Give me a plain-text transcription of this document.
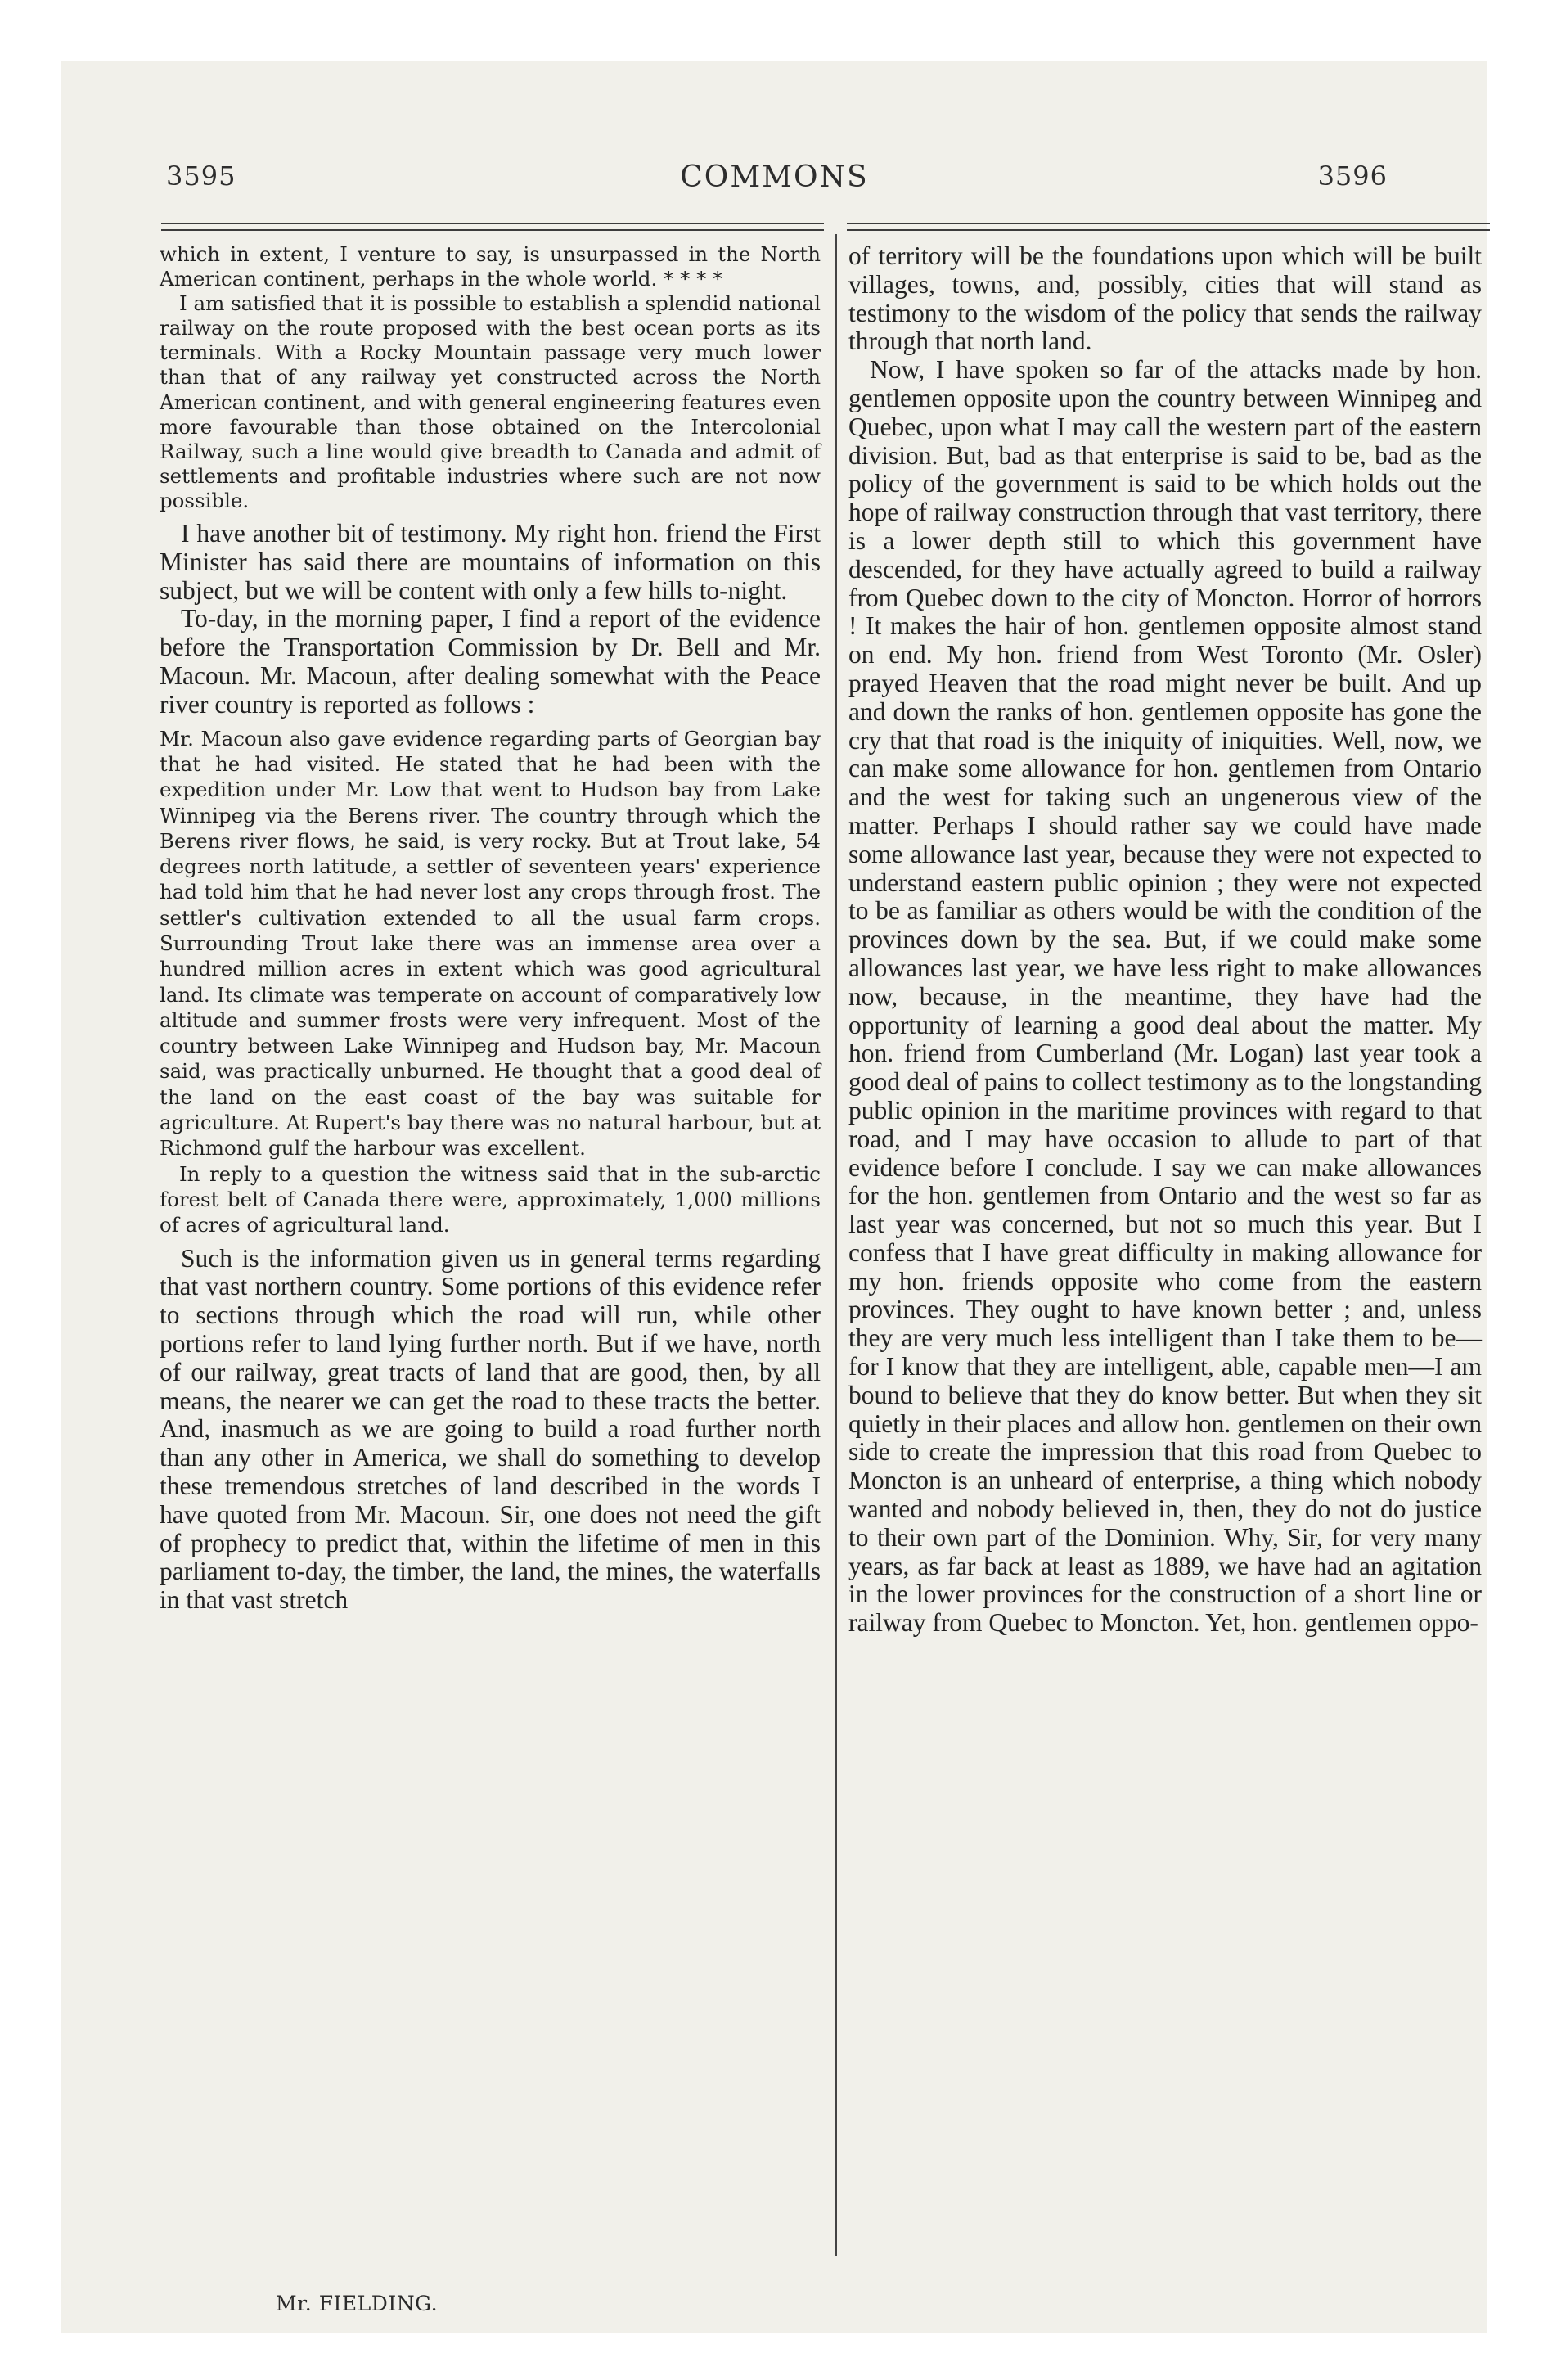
3595	COMMONS	3596

which in extent, I venture to say, is unsurpassed in the North American continent, perhaps in the whole world. * * * *

I am satisfied that it is possible to establish a splendid national railway on the route proposed with the best ocean ports as its terminals. With a Rocky Mountain passage very much lower than that of any railway yet constructed across the North American continent, and with general engineering features even more favourable than those obtained on the Intercolonial Railway, such a line would give breadth to Canada and admit of settlements and profitable industries where such are not now possible.

I have another bit of testimony. My right hon. friend the First Minister has said there are mountains of information on this subject, but we will be content with only a few hills to-night.

To-day, in the morning paper, I find a report of the evidence before the Transportation Commission by Dr. Bell and Mr. Macoun. Mr. Macoun, after dealing somewhat with the Peace river country is reported as follows :

Mr. Macoun also gave evidence regarding parts of Georgian bay that he had visited. He stated that he had been with the expedition under Mr. Low that went to Hudson bay from Lake Winnipeg via the Berens river. The country through which the Berens river flows, he said, is very rocky. But at Trout lake, 54 degrees north latitude, a settler of seventeen years' experience had told him that he had never lost any crops through frost. The settler's cultivation extended to all the usual farm crops. Surrounding Trout lake there was an immense area over a hundred million acres in extent which was good agricultural land. Its climate was temperate on account of comparatively low altitude and summer frosts were very infrequent. Most of the country between Lake Winnipeg and Hudson bay, Mr. Macoun said, was practically unburned. He thought that a good deal of the land on the east coast of the bay was suitable for agriculture. At Rupert's bay there was no natural harbour, but at Richmond gulf the harbour was excellent.

In reply to a question the witness said that in the sub-arctic forest belt of Canada there were, approximately, 1,000 millions of acres of agricultural land.

Such is the information given us in general terms regarding that vast northern country. Some portions of this evidence refer to sections through which the road will run, while other portions refer to land lying further north. But if we have, north of our railway, great tracts of land that are good, then, by all means, the nearer we can get the road to these tracts the better. And, inasmuch as we are going to build a road further north than any other in America, we shall do something to develop these tremendous stretches of land described in the words I have quoted from Mr. Macoun. Sir, one does not need the gift of prophecy to predict that, within the lifetime of men in this parliament to-day, the timber, the land, the mines, the waterfalls in that vast stretch

of territory will be the foundations upon which will be built villages, towns, and, possibly, cities that will stand as testimony to the wisdom of the policy that sends the railway through that north land.

Now, I have spoken so far of the attacks made by hon. gentlemen opposite upon the country between Winnipeg and Quebec, upon what I may call the western part of the eastern division. But, bad as that enterprise is said to be, bad as the policy of the government is said to be which holds out the hope of railway construction through that vast territory, there is a lower depth still to which this government have descended, for they have actually agreed to build a railway from Quebec down to the city of Moncton. Horror of horrors ! It makes the hair of hon. gentlemen opposite almost stand on end. My hon. friend from West Toronto (Mr. Osler) prayed Heaven that the road might never be built. And up and down the ranks of hon. gentlemen opposite has gone the cry that that road is the iniquity of iniquities. Well, now, we can make some allowance for hon. gentlemen from Ontario and the west for taking such an ungenerous view of the matter. Perhaps I should rather say we could have made some allowance last year, because they were not expected to understand eastern public opinion ; they were not expected to be as familiar as others would be with the condition of the provinces down by the sea. But, if we could make some allowances last year, we have less right to make allowances now, because, in the meantime, they have had the opportunity of learning a good deal about the matter. My hon. friend from Cumberland (Mr. Logan) last year took a good deal of pains to collect testimony as to the longstanding public opinion in the maritime provinces with regard to that road, and I may have occasion to allude to part of that evidence before I conclude. I say we can make allowances for the hon. gentlemen from Ontario and the west so far as last year was concerned, but not so much this year. But I confess that I have great difficulty in making allowance for my hon. friends opposite who come from the eastern provinces. They ought to have known better ; and, unless they are very much less intelligent than I take them to be—for I know that they are intelligent, able, capable men—I am bound to believe that they do know better. But when they sit quietly in their places and allow hon. gentlemen on their own side to create the impression that this road from Quebec to Moncton is an unheard of enterprise, a thing which nobody wanted and nobody believed in, then, they do not do justice to their own part of the Dominion. Why, Sir, for very many years, as far back at least as 1889, we have had an agitation in the lower provinces for the construction of a short line or railway from Quebec to Moncton. Yet, hon. gentlemen oppo-

Mr. FIELDING.
